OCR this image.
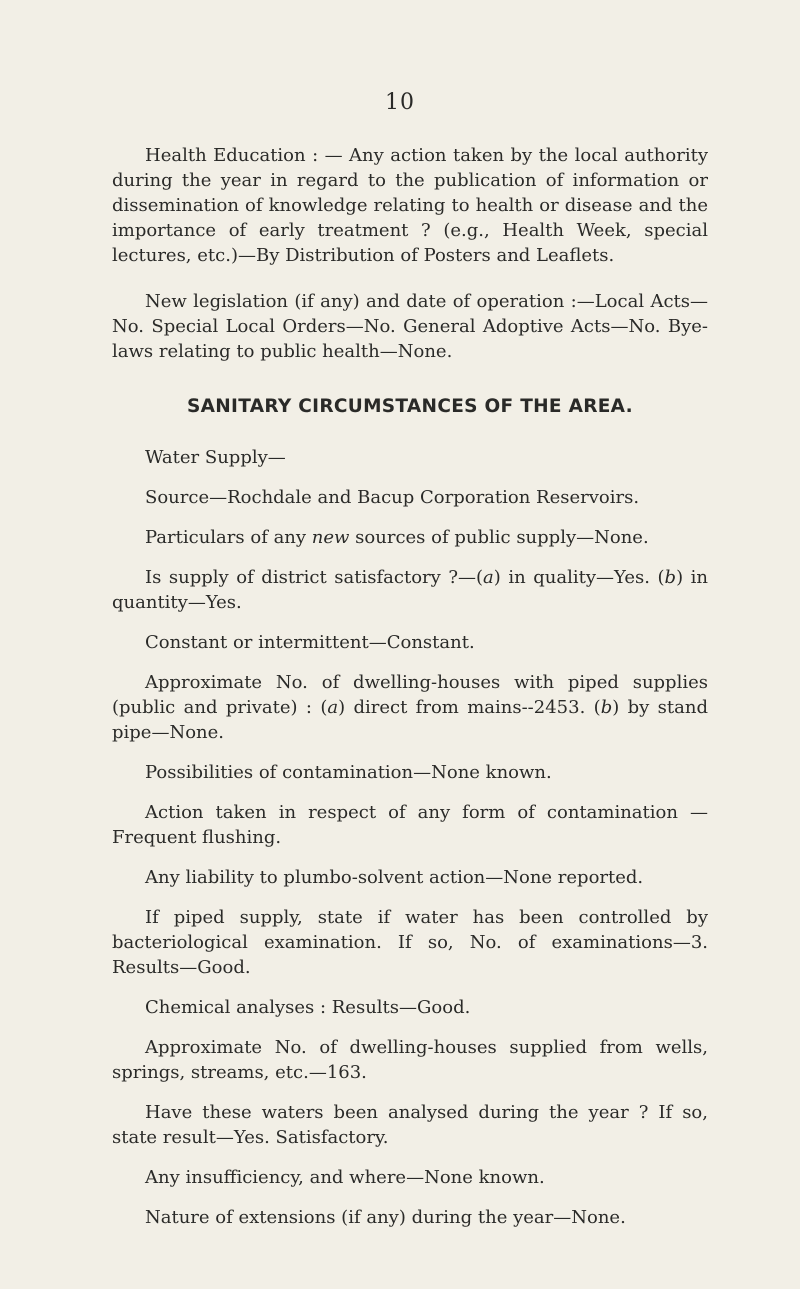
10

Health Education : — Any action taken by the local authority during the year in regard to the publication of information or dissemination of knowledge relating to health or disease and the importance of early treatment ? (e.g., Health Week, special lectures, etc.)—By Distribution of Posters and Leaflets.

New legislation (if any) and date of operation :—Local Acts—No. Special Local Orders—No. General Adoptive Acts—No. Bye-laws relating to public health—None.

SANITARY CIRCUMSTANCES OF THE AREA.

Water Supply—

Source—Rochdale and Bacup Corporation Reservoirs.

Particulars of any new sources of public supply—None.

Is supply of district satisfactory ?—(a) in quality—Yes. (b) in quantity—Yes.

Constant or intermittent—Constant.

Approximate No. of dwelling-houses with piped supplies (public and private) : (a) direct from mains--2453. (b) by stand pipe—None.

Possibilities of contamination—None known.

Action taken in respect of any form of contamination — Frequent flushing.

Any liability to plumbo-solvent action—None reported.

If piped supply, state if water has been controlled by bacteriological examination. If so, No. of examinations—3. Results—Good.

Chemical analyses : Results—Good.

Approximate No. of dwelling-houses supplied from wells, springs, streams, etc.—163.

Have these waters been analysed during the year ? If so, state result—Yes. Satisfactory.

Any insufficiency, and where—None known.

Nature of extensions (if any) during the year—None.
